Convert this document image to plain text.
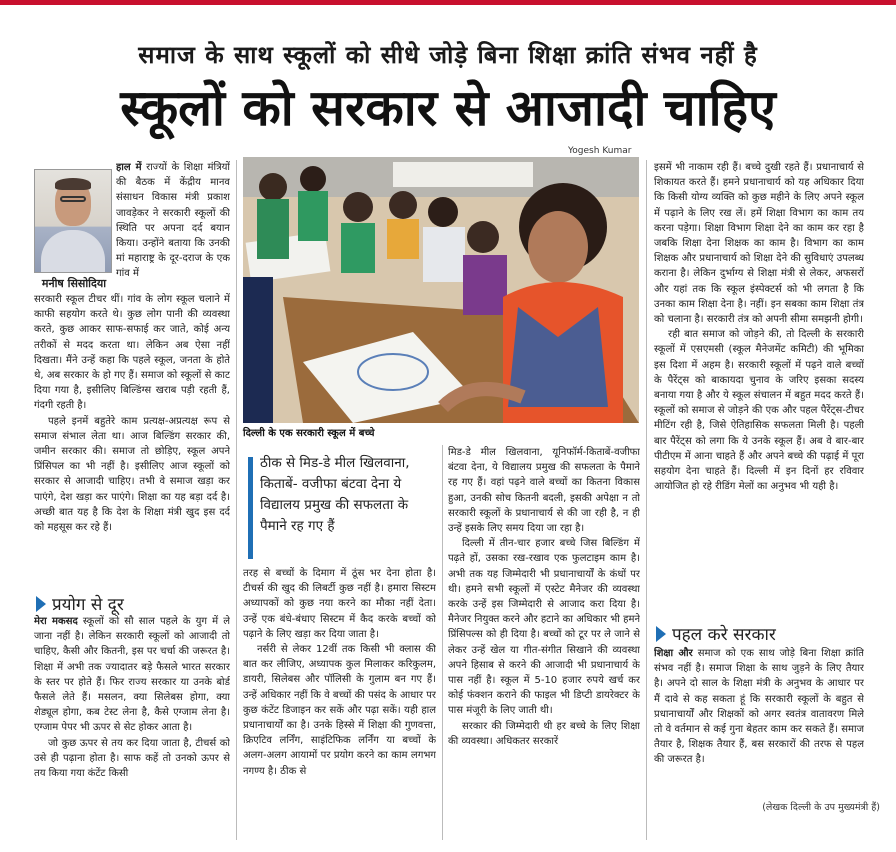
समाज के साथ स्कूलों को सीधे जोड़े बिना शिक्षा क्रांति संभव नहीं है
स्कूलों को सरकार से आजादी चाहिए
मनीष सिसोदिया

हाल में राज्यों के शिक्षा मंत्रियों की बैठक में केंद्रीय मानव संसाधन विकास मंत्री प्रकाश जावड़ेकर ने सरकारी स्कूलों की स्थिति पर अपना दर्द बयान किया। उन्होंने बताया कि उनकी मां महाराष्ट्र के दूर-दराज के एक गांव में

सरकारी स्कूल टीचर थीं। गांव के लोग स्कूल चलाने में काफी सहयोग करते थे। कुछ लोग पानी की व्यवस्था करते, कुछ आकर साफ-सफाई कर जाते, कोई अन्य तरीकों से मदद करता था। लेकिन अब ऐसा नहीं दिखता। मैंने उन्हें कहा कि पहले स्कूल, जनता के होते थे, अब सरकार के हो गए हैं। समाज को स्कूलों से काट दिया गया है, इसीलिए बिल्डिंग्स खराब पड़ी रहती हैं, गंदगी रहती है।

पहले इनमें बहुतेरे काम प्रत्यक्ष-अप्रत्यक्ष रूप से समाज संभाल लेता था। आज बिल्डिंग सरकार की, जमीन सरकार की। समाज तो छोड़िए, स्कूल अपने प्रिंसिपल का भी नहीं है। इसीलिए आज स्कूलों को सरकार से आजादी चाहिए। तभी वे समाज खड़ा कर पाएंगे, देश खड़ा कर पाएंगे। शिक्षा का यह बड़ा दर्द है। अच्छी बात यह है कि देश के शिक्षा मंत्री खुद इस दर्द को महसूस कर रहे हैं।

प्रयोग से दूर

मेरा मकसद स्कूलों को सौ साल पहले के युग में ले जाना नहीं है। लेकिन सरकारी स्कूलों को आजादी तो चाहिए, कैसी और कितनी, इस पर चर्चा की जरूरत है। शिक्षा में अभी तक ज्यादातर बड़े फैसले भारत सरकार के स्तर पर होते हैं। फिर राज्य सरकार या उनके बोर्ड फैसले लेते हैं। मसलन, क्या सिलेबस होगा, क्या शेड्यूल होगा, कब टेस्ट लेना है, कैसे एग्जाम लेना है। एग्जाम पेपर भी ऊपर से सेट होकर आता है।

जो कुछ ऊपर से तय कर दिया जाता है, टीचर्स को उसे ही पढ़ाना होता है। साफ कहें तो उनको ऊपर से तय किया गया कंटेंट किसी

Yogesh Kumar
दिल्ली के एक सरकारी स्कूल में बच्चे
ठीक से मिड-डे मील खिलवाना, किताबें- वजीफा बंटवा देना ये विद्यालय प्रमुख की सफलता के पैमाने रह गए हैं

तरह से बच्चों के दिमाग में ठूंस भर देना होता है। टीचर्स की खुद की लिबर्टी कुछ नहीं है। हमारा सिस्टम अध्यापकों को कुछ नया करने का मौका नहीं देता। उन्हें एक बंधे-बंधाए सिस्टम में कैद करके बच्चों को पढ़ाने के लिए खड़ा कर दिया जाता है।

नर्सरी से लेकर 12वीं तक किसी भी क्लास की बात कर लीजिए, अध्यापक कुल मिलाकर करिकुलम, डायरी, सिलेबस और पॉलिसी के गुलाम बन गए हैं। उन्हें अधिकार नहीं कि वे बच्चों की पसंद के आधार पर कुछ कंटेंट डिजाइन कर सकें और पढ़ा सकें। यही हाल प्रधानाचार्यों का है। उनके हिस्से में शिक्षा की गुणवत्ता, क्रिएटिव लर्निंग, साइंटिफिक लर्निंग या बच्चों के अलग-अलग आयामों पर प्रयोग करने का काम लगभग नगण्य है। ठीक से

मिड-डे मील खिलवाना, यूनिफॉर्म-किताबें-वजीफा बंटवा देना, ये विद्यालय प्रमुख की सफलता के पैमाने रह गए हैं। वहां पढ़ने वाले बच्चों का कितना विकास हुआ, उनकी सोच कितनी बदली, इसकी अपेक्षा न तो सरकारी स्कूलों के प्रधानाचार्य से की जा रही है, न ही उन्हें इसके लिए समय दिया जा रहा है।

दिल्ली में तीन-चार हजार बच्चे जिस बिल्डिंग में पढ़ते हों, उसका रख-रखाव एक फुलटाइम काम है। अभी तक यह जिम्मेदारी भी प्रधानाचार्यों के कंधों पर थी। हमने सभी स्कूलों में एस्टेट मैनेजर की व्यवस्था करके उन्हें इस जिम्मेदारी से आजाद करा दिया है। मैनेजर नियुक्त करने और हटाने का अधिकार भी हमने प्रिंसिपल्स को ही दिया है। बच्चों को टूर पर ले जाने से लेकर उन्हें खेल या गीत-संगीत सिखाने की व्यवस्था अपने हिसाब से करने की आजादी भी प्रधानाचार्य के पास नहीं है। स्कूल में 5-10 हजार रुपये खर्च कर कोई फंक्शन कराने की फाइल भी डिप्टी डायरेक्टर के पास मंजूरी के लिए जाती थी।

सरकार की जिम्मेदारी थी हर बच्चे के लिए शिक्षा की व्यवस्था। अधिकतर सरकारें

इसमें भी नाकाम रही हैं। बच्चे दुखी रहते हैं। प्रधानाचार्य से शिकायत करते हैं। हमने प्रधानाचार्य को यह अधिकार दिया कि किसी योग्य व्यक्ति को कुछ महीने के लिए अपने स्कूल में पढ़ाने के लिए रख लें। हमें शिक्षा विभाग का काम तय करना पड़ेगा। शिक्षा विभाग शिक्षा देने का काम कर रहा है जबकि शिक्षा देना शिक्षक का काम है। विभाग का काम शिक्षक और प्रधानाचार्य को शिक्षा देने की सुविधाएं उपलब्ध कराना है। लेकिन दुर्भाग्य से शिक्षा मंत्री से लेकर, अफसरों और यहां तक कि स्कूल इंस्पेक्टर्स को भी लगता है कि उनका काम शिक्षा देना है। नहीं। इन सबका काम शिक्षा तंत्र को चलाना है। सरकारी तंत्र को अपनी सीमा समझनी होगी।

रही बात समाज को जोड़ने की, तो दिल्ली के सरकारी स्कूलों में एसएमसी (स्कूल मैनेजमेंट कमिटी) की भूमिका इस दिशा में अहम है। सरकारी स्कूलों में पढ़ने वाले बच्चों के पैरेंट्स को बाकायदा चुनाव के जरिए इसका सदस्य बनाया गया है और ये स्कूल संचालन में बहुत मदद करते हैं। स्कूलों को समाज से जोड़ने की एक और पहल पैरेंट्स-टीचर मीटिंग रही है, जिसे ऐतिहासिक सफलता मिली है। पहली बार पैरेंट्स को लगा कि ये उनके स्कूल हैं। अब वे बार-बार पीटीएम में आना चाहते हैं और अपने बच्चे की पढ़ाई में पूरा सहयोग देना चाहते हैं। दिल्ली में इन दिनों हर रविवार आयोजित हो रहे रीडिंग मेलों का अनुभव भी यही है।

पहल करे सरकार

शिक्षा और समाज को एक साथ जोड़े बिना शिक्षा क्रांति संभव नहीं है। समाज शिक्षा के साथ जुड़ने के लिए तैयार है। अपने दो साल के शिक्षा मंत्री के अनुभव के आधार पर मैं दावे से कह सकता हूं कि सरकारी स्कूलों के बहुत से प्रधानाचार्यों और शिक्षकों को अगर स्वतंत्र वातावरण मिले तो वे वर्तमान से कई गुना बेहतर काम कर सकते हैं। समाज तैयार है, शिक्षक तैयार हैं, बस सरकारों की तरफ से पहल की जरूरत है।

(लेखक दिल्ली के उप मुख्यमंत्री हैं)
